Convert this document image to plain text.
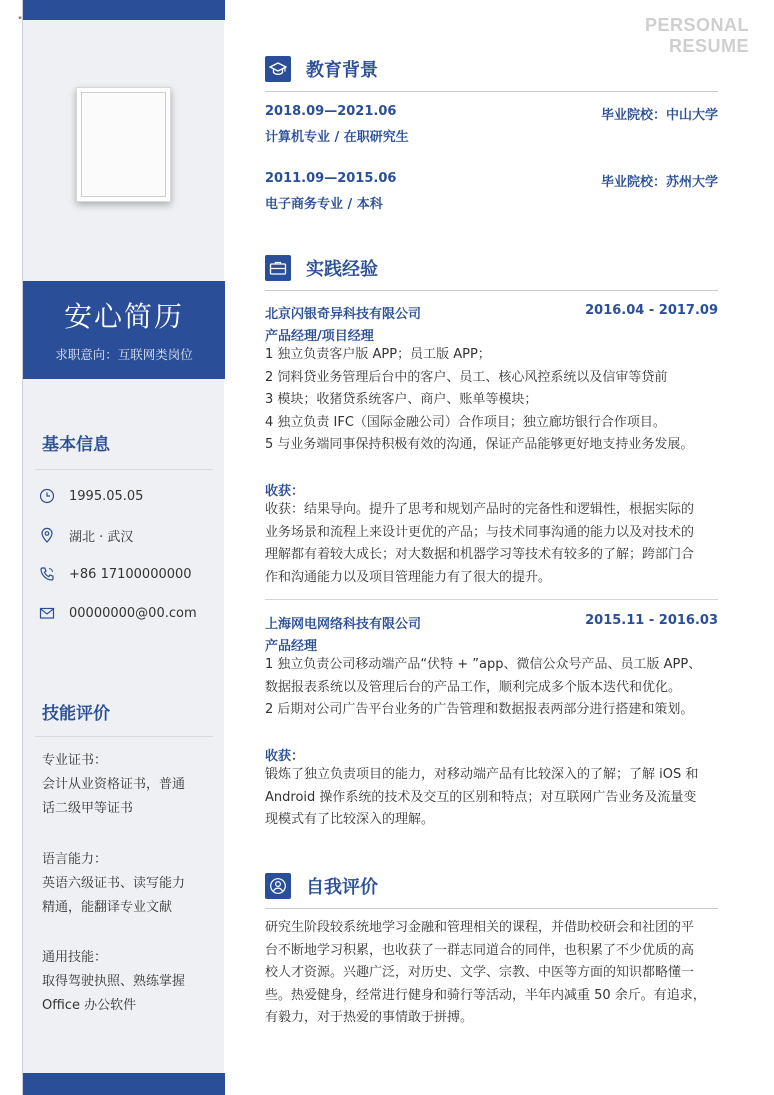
"
安心简历
求职意向：互联网类岗位
基本信息
1995.05.05
湖北 · 武汉
+86 17100000000
00000000@00.com
技能评价
专业证书：
会计从业资格证书，普通
话二级甲等证书
语言能力：
英语六级证书、读写能力
精通，能翻译专业文献
通用技能：
取得驾驶执照、熟练掌握
Office 办公软件
PERSONAL
RESUME
教育背景
2018.09—2021.06	毕业院校：中山大学
计算机专业 / 在职研究生
2011.09—2015.06	毕业院校：苏州大学
电子商务专业 / 本科
实践经验
北京闪银奇异科技有限公司	2016.04 - 2017.09
产品经理/项目经理
1 独立负责客户版 APP；员工版 APP；
2 饲料贷业务管理后台中的客户、员工、核心风控系统以及信审等贷前
3 模块；收猪贷系统客户、商户、账单等模块；
4 独立负责 IFC（国际金融公司）合作项目；独立廊坊银行合作项目。
5 与业务端同事保持积极有效的沟通，保证产品能够更好地支持业务发展。
收获：
收获：结果导向。提升了思考和规划产品时的完备性和逻辑性，根据实际的
业务场景和流程上来设计更优的产品；与技术同事沟通的能力以及对技术的
理解都有着较大成长；对大数据和机器学习等技术有较多的了解；跨部门合
作和沟通能力以及项目管理能力有了很大的提升。
上海网电网络科技有限公司	2015.11 - 2016.03
产品经理
1 独立负责公司移动端产品“伏特 + ”app、微信公众号产品、员工版 APP、
数据报表系统以及管理后台的产品工作，顺利完成多个版本迭代和优化。
2 后期对公司广告平台业务的广告管理和数据报表两部分进行搭建和策划。
收获：
锻炼了独立负责项目的能力，对移动端产品有比较深入的了解；了解 iOS 和
Android 操作系统的技术及交互的区别和特点；对互联网广告业务及流量变
现模式有了比较深入的理解。
自我评价
研究生阶段较系统地学习金融和管理相关的课程，并借助校研会和社团的平
台不断地学习积累，也收获了一群志同道合的同伴，也积累了不少优质的高
校人才资源。兴趣广泛，对历史、文学、宗教、中医等方面的知识都略懂一
些。热爱健身，经常进行健身和骑行等活动，半年内减重 50 余斤。有追求，
有毅力，对于热爱的事情敢于拼搏。
